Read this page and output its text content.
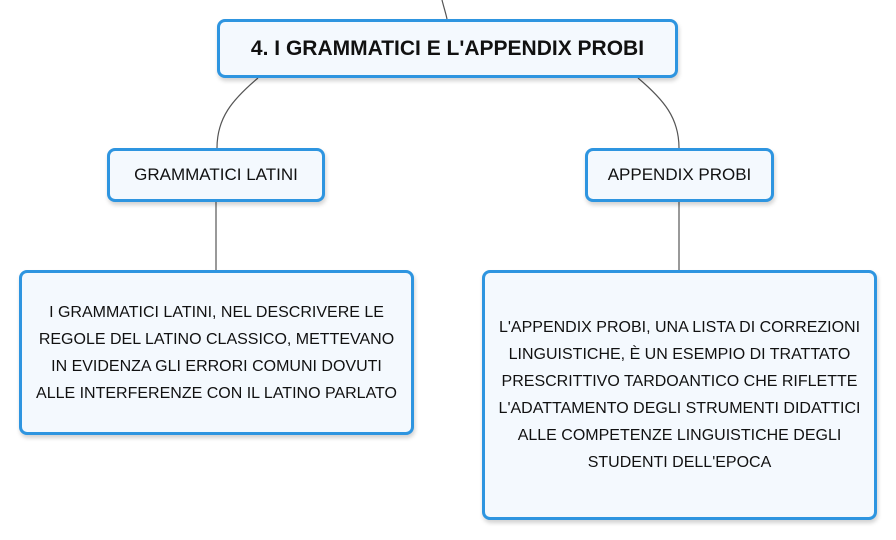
4. I GRAMMATICI E L'APPENDIX PROBI
GRAMMATICI LATINI	APPENDIX PROBI
I GRAMMATICI LATINI, NEL DESCRIVERE LE REGOLE DEL LATINO CLASSICO, METTEVANO IN EVIDENZA GLI ERRORI COMUNI DOVUTI ALLE INTERFERENZE CON IL LATINO PARLATO
L'APPENDIX PROBI, UNA LISTA DI CORREZIONI LINGUISTICHE, È UN ESEMPIO DI TRATTATO PRESCRITTIVO TARDOANTICO CHE RIFLETTE L'ADATTAMENTO DEGLI STRUMENTI DIDATTICI ALLE COMPETENZE LINGUISTICHE DEGLI STUDENTI DELL'EPOCA
